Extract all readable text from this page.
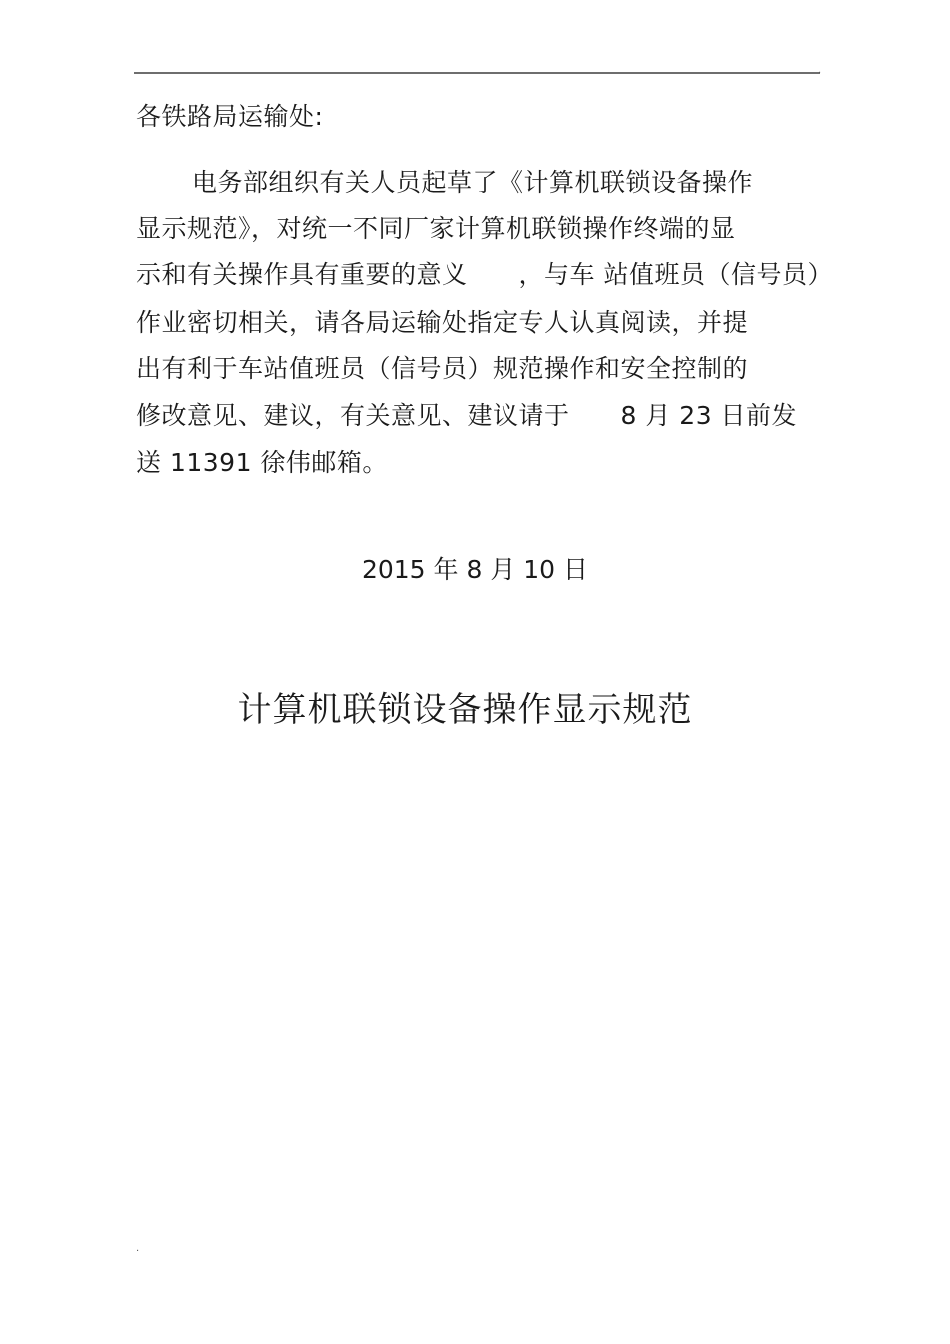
.
各铁路局运输处:
电务部组织有关人员起草了《计算机联锁设备操作
显示规范》，对统一不同厂家计算机联锁操作终端的显
示和有关操作具有重要的意义　　，与车 站值班员（信号员）
作业密切相关，请各局运输处指定专人认真阅读，并提
出有利于车站值班员（信号员）规范操作和安全控制的
修改意见、建议，有关意见、建议请于　　8 月 23 日前发
送 11391 徐伟邮箱。
2015 年 8 月 10 日
计算机联锁设备操作显示规范
.
